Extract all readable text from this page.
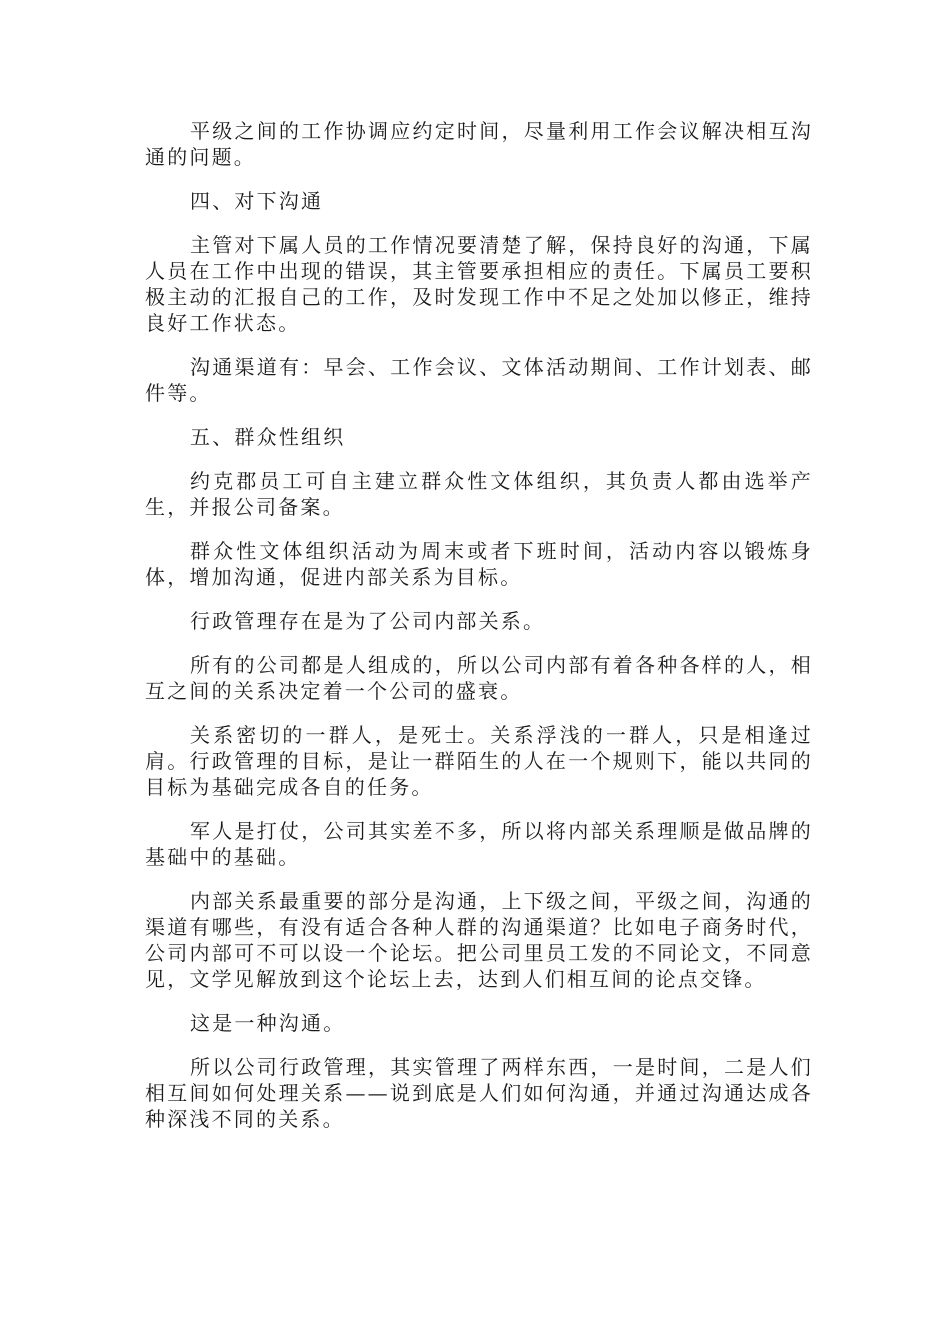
平级之间的工作协调应约定时间，尽量利用工作会议解决相互沟通的问题。

四、对下沟通

主管对下属人员的工作情况要清楚了解，保持良好的沟通，下属人员在工作中出现的错误，其主管要承担相应的责任。下属员工要积极主动的汇报自己的工作，及时发现工作中不足之处加以修正，维持良好工作状态。

沟通渠道有：早会、工作会议、文体活动期间、工作计划表、邮件等。

五、群众性组织

约克郡员工可自主建立群众性文体组织，其负责人都由选举产生，并报公司备案。

群众性文体组织活动为周末或者下班时间，活动内容以锻炼身体，增加沟通，促进内部关系为目标。

行政管理存在是为了公司内部关系。

所有的公司都是人组成的，所以公司内部有着各种各样的人，相互之间的关系决定着一个公司的盛衰。

关系密切的一群人，是死士。关系浮浅的一群人，只是相逢过肩。行政管理的目标，是让一群陌生的人在一个规则下，能以共同的目标为基础完成各自的任务。

军人是打仗，公司其实差不多，所以将内部关系理顺是做品牌的基础中的基础。

内部关系最重要的部分是沟通，上下级之间，平级之间，沟通的渠道有哪些，有没有适合各种人群的沟通渠道？比如电子商务时代，公司内部可不可以设一个论坛。把公司里员工发的不同论文，不同意见，文学见解放到这个论坛上去，达到人们相互间的论点交锋。

这是一种沟通。

所以公司行政管理，其实管理了两样东西，一是时间，二是人们相互间如何处理关系——说到底是人们如何沟通，并通过沟通达成各种深浅不同的关系。
